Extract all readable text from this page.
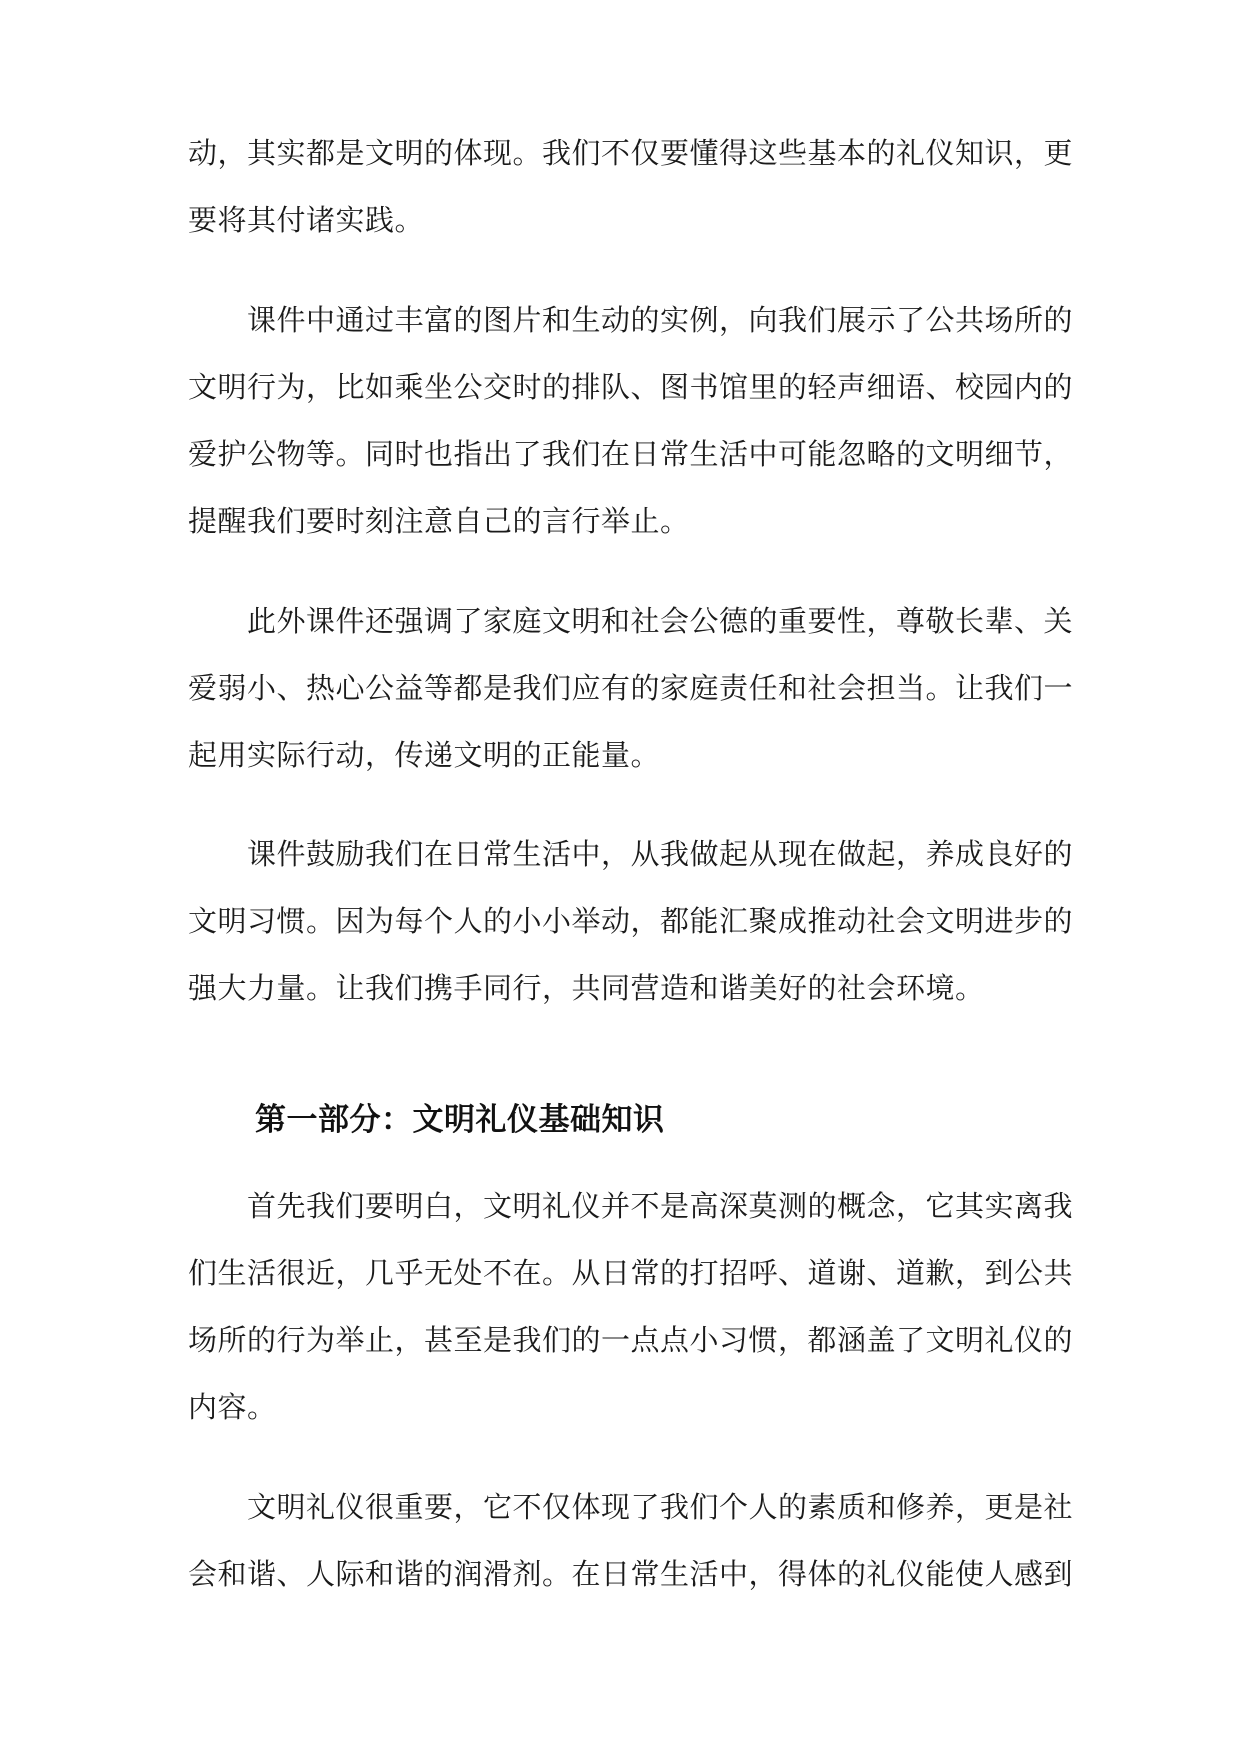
动，其实都是文明的体现。我们不仅要懂得这些基本的礼仪知识，更
要将其付诸实践。
课件中通过丰富的图片和生动的实例，向我们展示了公共场所的
文明行为，比如乘坐公交时的排队、图书馆里的轻声细语、校园内的
爱护公物等。同时也指出了我们在日常生活中可能忽略的文明细节，
提醒我们要时刻注意自己的言行举止。
此外课件还强调了家庭文明和社会公德的重要性，尊敬长辈、关
爱弱小、热心公益等都是我们应有的家庭责任和社会担当。让我们一
起用实际行动，传递文明的正能量。
课件鼓励我们在日常生活中，从我做起从现在做起，养成良好的
文明习惯。因为每个人的小小举动，都能汇聚成推动社会文明进步的
强大力量。让我们携手同行，共同营造和谐美好的社会环境。
第一部分：文明礼仪基础知识
首先我们要明白，文明礼仪并不是高深莫测的概念，它其实离我
们生活很近，几乎无处不在。从日常的打招呼、道谢、道歉，到公共
场所的行为举止，甚至是我们的一点点小习惯，都涵盖了文明礼仪的
内容。
文明礼仪很重要，它不仅体现了我们个人的素质和修养，更是社
会和谐、人际和谐的润滑剂。在日常生活中，得体的礼仪能使人感到
